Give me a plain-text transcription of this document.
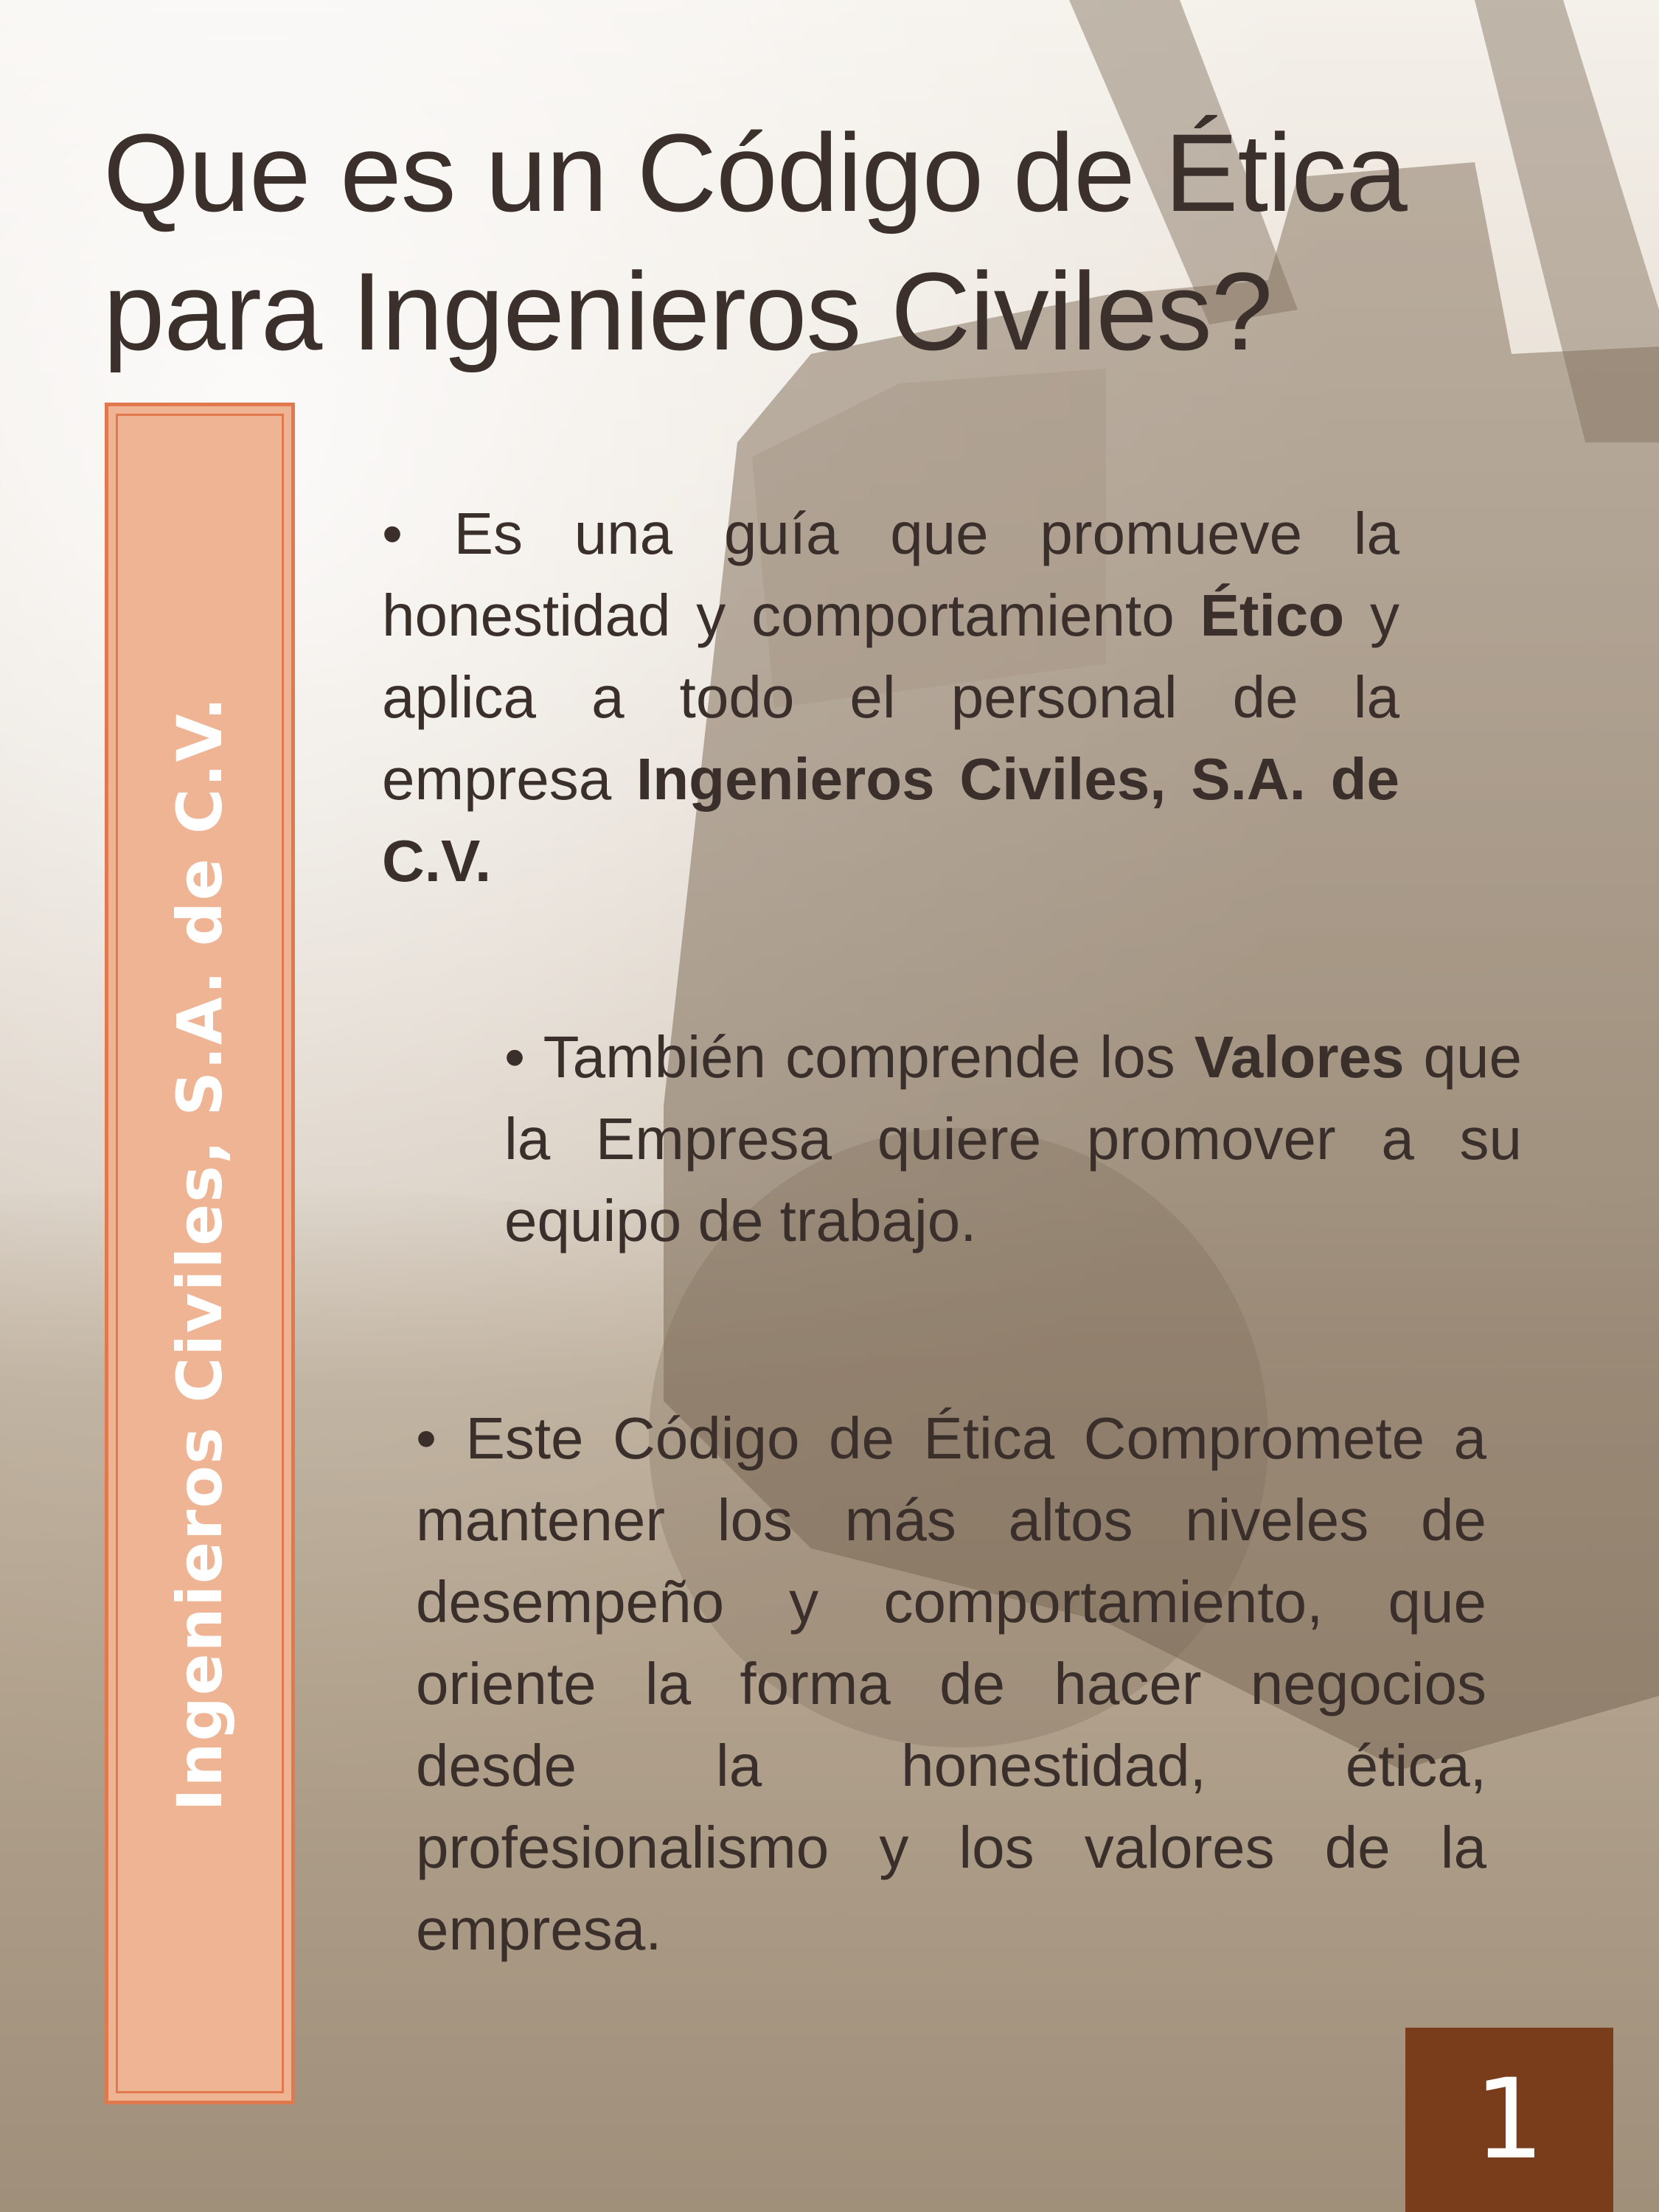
Que es un Código de Ética
para Ingenieros Civiles?
Ingenieros Civiles, S.A. de C.V.

• Es una guía que promueve la honestidad y comportamiento Ético y aplica a todo el personal de la empresa Ingenieros Civiles, S.A. de C.V.

• También comprende los Valores que la Empresa quiere promover a su equipo de trabajo.

• Este Código de Ética Compromete a mantener los más altos niveles de desempeño y comportamiento, que oriente la forma de hacer negocios desde la honestidad, ética, profesionalismo y los valores de la empresa.

1
